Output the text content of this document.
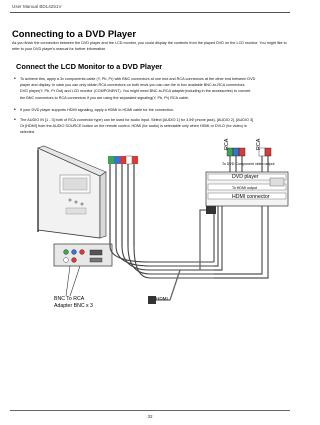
User Manual BDL4251V
Connecting to a DVD Player
As you finish the connection between the DVD player and the LCD monitor, you could display the contents from the played DVD on the LCD monitor. You might like to refer to your DVD player's manual for further information.
Connect the LCD Monitor to a DVD Player
• To achieve this, apply a 3x components cable (Y, Pb, Pr) with BNC connectors at one end and RCA connectors at the other end between DVD
player and display. In case you can only obtain RCA connectors on both ends you can use the in box available BNC-to-RCA connectors.
DVD player(Y, Pb, Pr Out) and LCD monitor (COMPONENT). You might need BNC-to-RCA adapter(including in the accessories) to convert
the BNC connectors to RCA connectors if you are using the separated signaling(Y, Pb, Pr) RCA cable.
• If your DVD player supports HDMI signaling, apply a HDMI to HDMI cable for the connection.
• The AUDIO IN [1 - 3] both of RCA connector type) can be used for audio input. Select [AUDIO 1] for 3.5Φ phone jack), [AUDIO 2], [AUDIO 3]
Or [HDMI] from the AUDIO SOURCE button on the remote control. HDMI (for audio) is selectable only when HDMI or DVI-D (for video) is
selected.
RCA	RCA
To DVD Component video output
DVD player
To HDMI output
HDMI connector
BNC To RCA
Adapter BNC x 3
HDMI
32
